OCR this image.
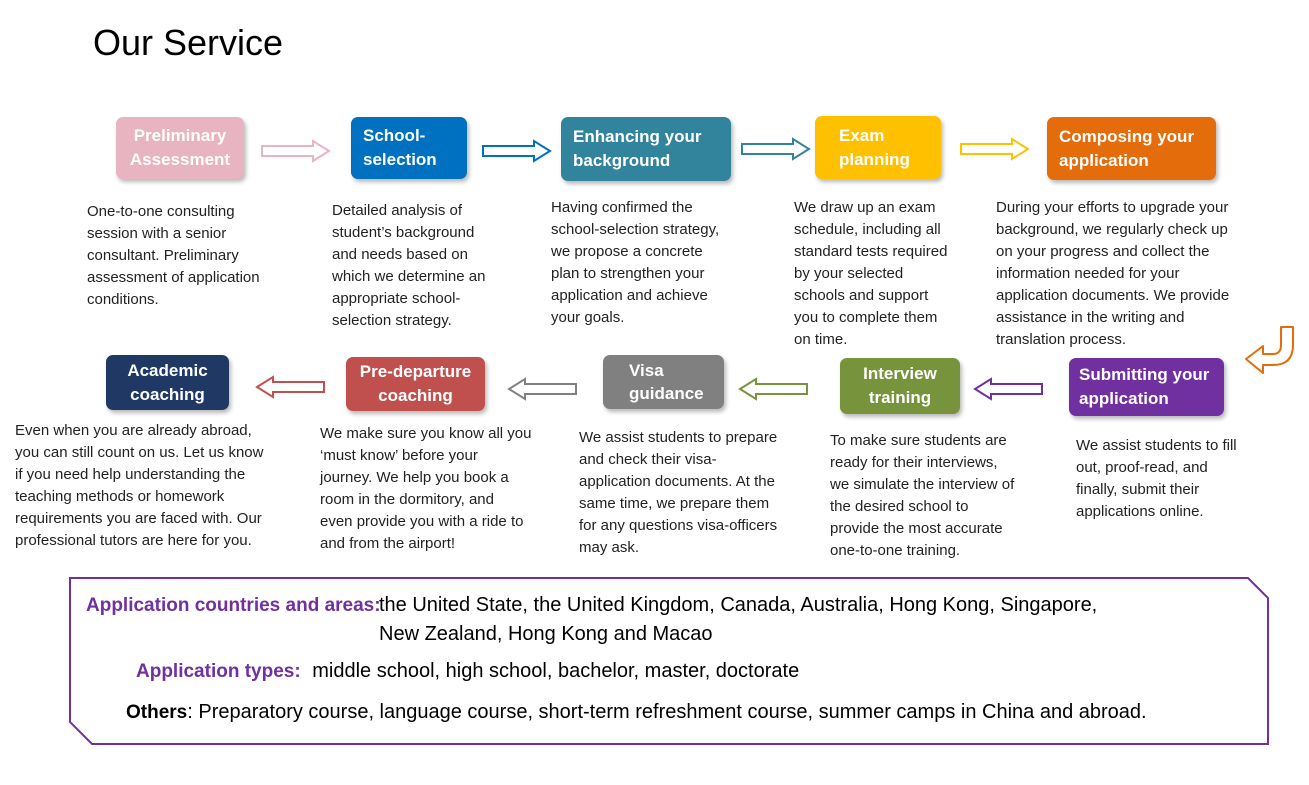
Our Service
Preliminary
Assessment
School-
selection
Enhancing your
background
Exam
planning
Composing your
application
Submitting your
application
Interview
training
Visa
guidance
Pre-departure
coaching
Academic
coaching
One-to-one consulting
session with a senior
consultant. Preliminary
assessment of application
conditions.
Detailed analysis of
student’s background
and needs based on
which we determine an
appropriate school-
selection strategy.
Having confirmed the
school-selection strategy,
we propose a concrete
plan to strengthen your
application and achieve
your goals.
We draw up an exam
schedule, including all
standard tests required
by your selected
schools and support
you to complete them
on time.
During your efforts to upgrade your
background, we regularly check up
on your progress and collect the
information needed for your
application documents. We provide
assistance in the writing and
translation process.
We assist students to fill
out, proof-read, and
finally, submit their
applications online.
To make sure students are
ready for their interviews,
we simulate the interview of
the desired school to
provide the most accurate
one-to-one training.
We assist students to prepare
and check their visa-
application documents. At the
same time, we prepare them
for any questions visa-officers
may ask.
We make sure you know all you
‘must know’ before your
journey. We help you book a
room in the dormitory, and
even provide you with a ride to
and from the airport!
Even when you are already abroad,
you can still count on us. Let us know
if you need help understanding the
teaching methods or homework
requirements you are faced with. Our
professional tutors are here for you.
Application countries and areas:
the United State, the United Kingdom, Canada, Australia, Hong Kong, Singapore,
New Zealand, Hong Kong and Macao
Application types: middle school, high school, bachelor, master, doctorate
Others: Preparatory course, language course, short-term refreshment course, summer camps in China and abroad.
